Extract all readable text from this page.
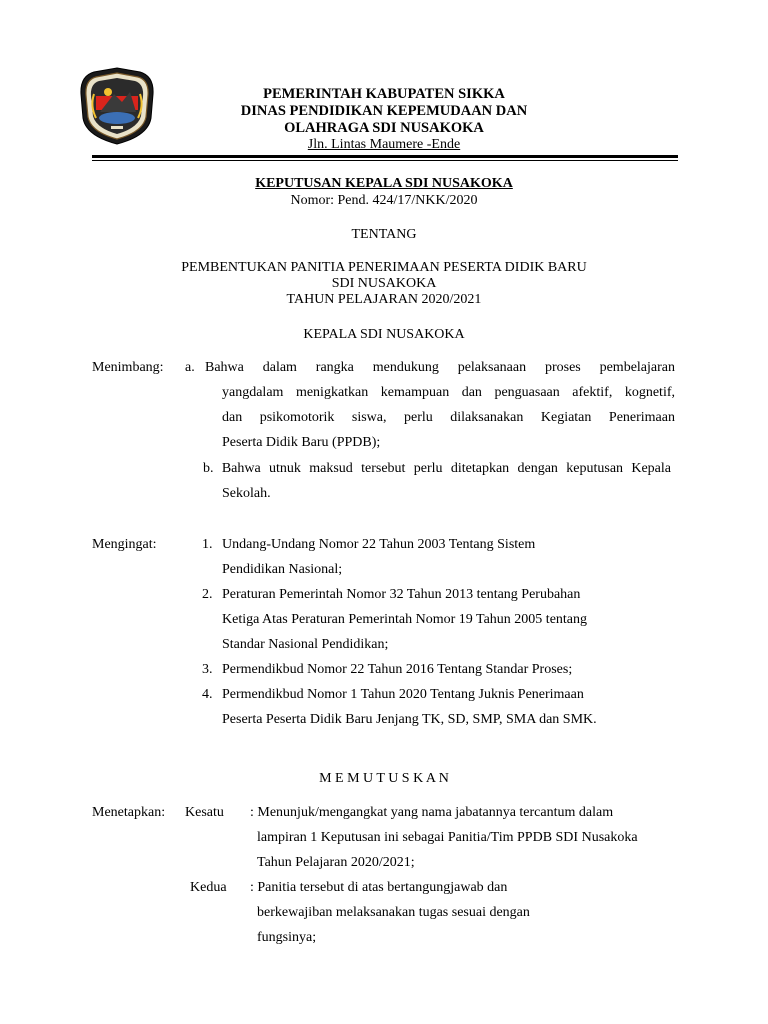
PEMERINTAH KABUPATEN SIKKA
DINAS PENDIDIKAN KEPEMUDAAN DAN
OLAHRAGA SDI NUSAKOKA
Jln. Lintas Maumere -Ende
KEPUTUSAN KEPALA SDI NUSAKOKA
Nomor: Pend. 424/17/NKK/2020
TENTANG
PEMBENTUKAN PANITIA PENERIMAAN PESERTA DIDIK BARU
SDI NUSAKOKA
TAHUN PELAJARAN 2020/2021
KEPALA SDI NUSAKOKA
Menimbang: a. Bahwa dalam rangka mendukung pelaksanaan proses pembelajaran
yangdalam menigkatkan kemampuan dan penguasaan afektif, kognetif,
dan psikomotorik siswa, perlu dilaksanakan Kegiatan Penerimaan
Peserta Didik Baru (PPDB);
b. Bahwa utnuk maksud tersebut perlu ditetapkan dengan keputusan Kepala
Sekolah.
Mengingat:	1. Undang-Undang Nomor 22 Tahun 2003 Tentang Sistem
Pendidikan Nasional;
2. Peraturan Pemerintah Nomor 32 Tahun 2013 tentang Perubahan
Ketiga Atas Peraturan Pemerintah Nomor 19 Tahun 2005 tentang
Standar Nasional Pendidikan;
3. Permendikbud Nomor 22 Tahun 2016 Tentang Standar Proses;
4. Permendikbud Nomor 1 Tahun 2020 Tentang Juknis Penerimaan
Peserta Peserta Didik Baru Jenjang TK, SD, SMP, SMA dan SMK.
M E M U T U S K A N
Menetapkan: Kesatu : Menunjuk/mengangkat yang nama jabatannya tercantum dalam
lampiran 1 Keputusan ini sebagai Panitia/Tim PPDB SDI Nusakoka
Tahun Pelajaran 2020/2021;
Kedua : Panitia tersebut di atas bertangungjawab dan
berkewajiban melaksanakan tugas sesuai dengan
fungsinya;
